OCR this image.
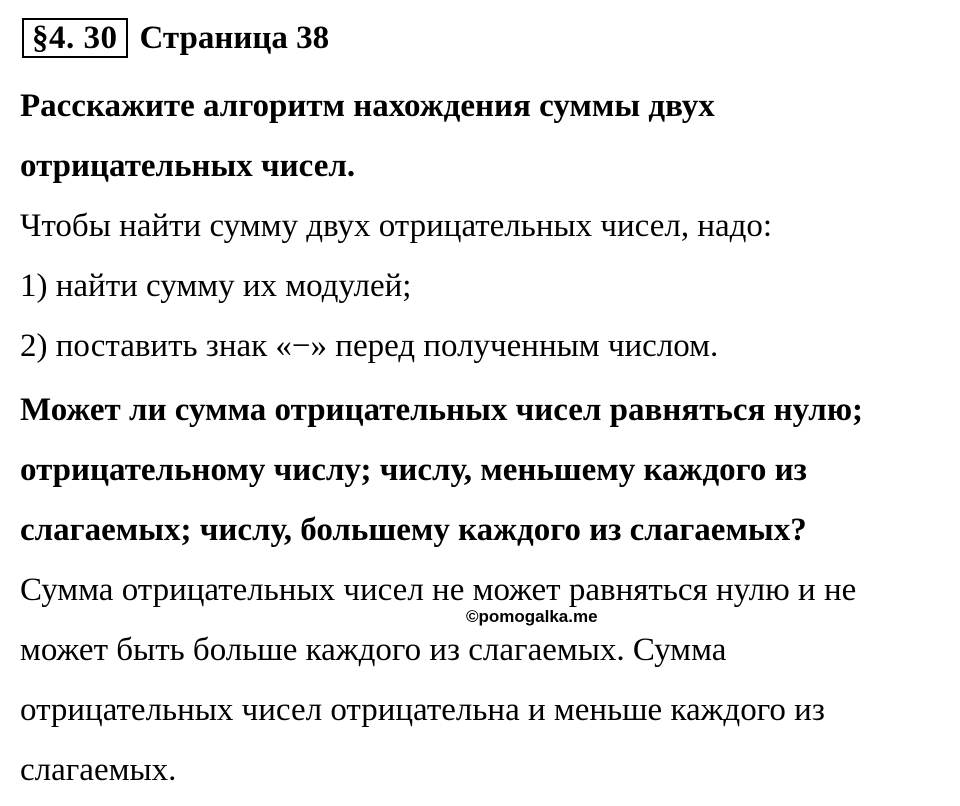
§4. 30 Страница 38
Расскажите алгоритм нахождения суммы двух
отрицательных чисел.
Чтобы найти сумму двух отрицательных чисел, надо:
1) найти сумму их модулей;
2) поставить знак «−» перед полученным числом.
Может ли сумма отрицательных чисел равняться нулю;
отрицательному числу; числу, меньшему каждого из
слагаемых; числу, большему каждого из слагаемых?
Сумма отрицательных чисел не может равняться нулю и не
©pomogalka.me
может быть больше каждого из слагаемых. Сумма
отрицательных чисел отрицательна и меньше каждого из
слагаемых.
